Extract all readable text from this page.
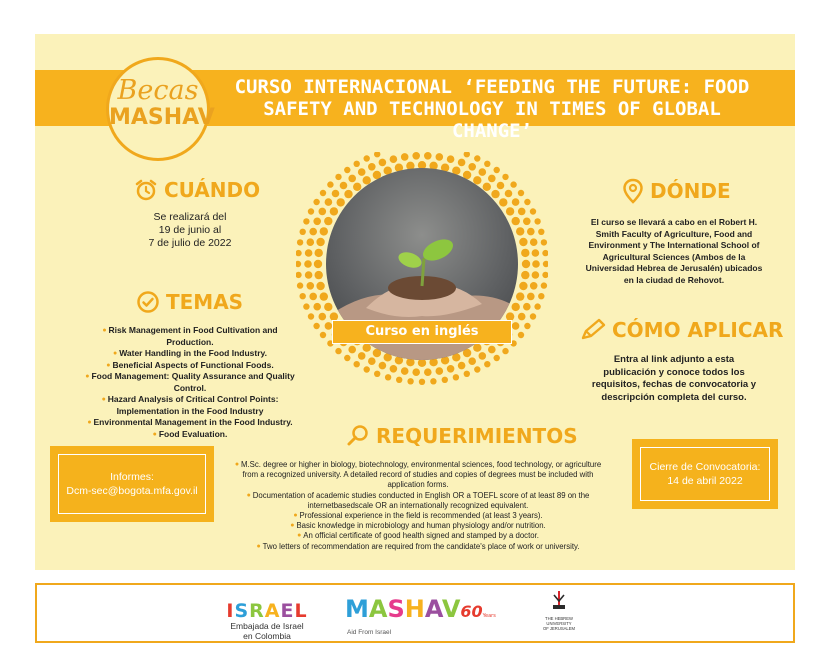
Becas
MASHAV
CURSO INTERNACIONAL ‘FEEDING THE FUTURE: FOOD SAFETY AND TECHNOLOGY IN TIMES OF GLOBAL CHANGE’
CUÁNDO
Se realizará del
19 de junio al
7 de julio de 2022
TEMAS
● Risk Management in Food Cultivation and Production.
● Water Handling in the Food Industry.
● Beneficial Aspects of Functional Foods.
● Food Management: Quality Assurance and Quality Control.
● Hazard Analysis of Critical Control Points: Implementation in the Food Industry
● Environmental Management in the Food Industry.
● Food Evaluation.
Informes:
Dcm-sec@bogota.mfa.gov.il
Curso en inglés
DÓNDE
El curso se llevará a cabo en el Robert H. Smith Faculty of Agriculture, Food and Environment y The International School of Agricultural Sciences (Ambos de la Universidad Hebrea de Jerusalén) ubicados en la ciudad de Rehovot.
CÓMO APLICAR
Entra al link adjunto a esta publicación y conoce todos los requisitos, fechas de convocatoria y descripción completa del curso.
Cierre de Convocatoria:
14 de abril 2022
REQUERIMIENTOS
● M.Sc. degree or higher in biology, biotechnology, environmental sciences, food technology, or agriculture from a recognized university. A detailed record of studies and copies of degrees must be included with application forms.
● Documentation of academic studies conducted in English OR a TOEFL score of at least 89 on the internetbasedscale OR an internationally recognized equivalent.
● Professional experience in the field is recommended (at least 3 years).
● Basic knowledge in microbiology and human physiology and/or nutrition.
● An official certificate of good health signed and stamped by a doctor.
● Two letters of recommendation are required from the candidate's place of work or university.
ISRAEL
Embajada de Israel
en Colombia
MASHAV60Years
Aid From Israel
THE HEBREW
UNIVERSITY
OF JERUSALEM
